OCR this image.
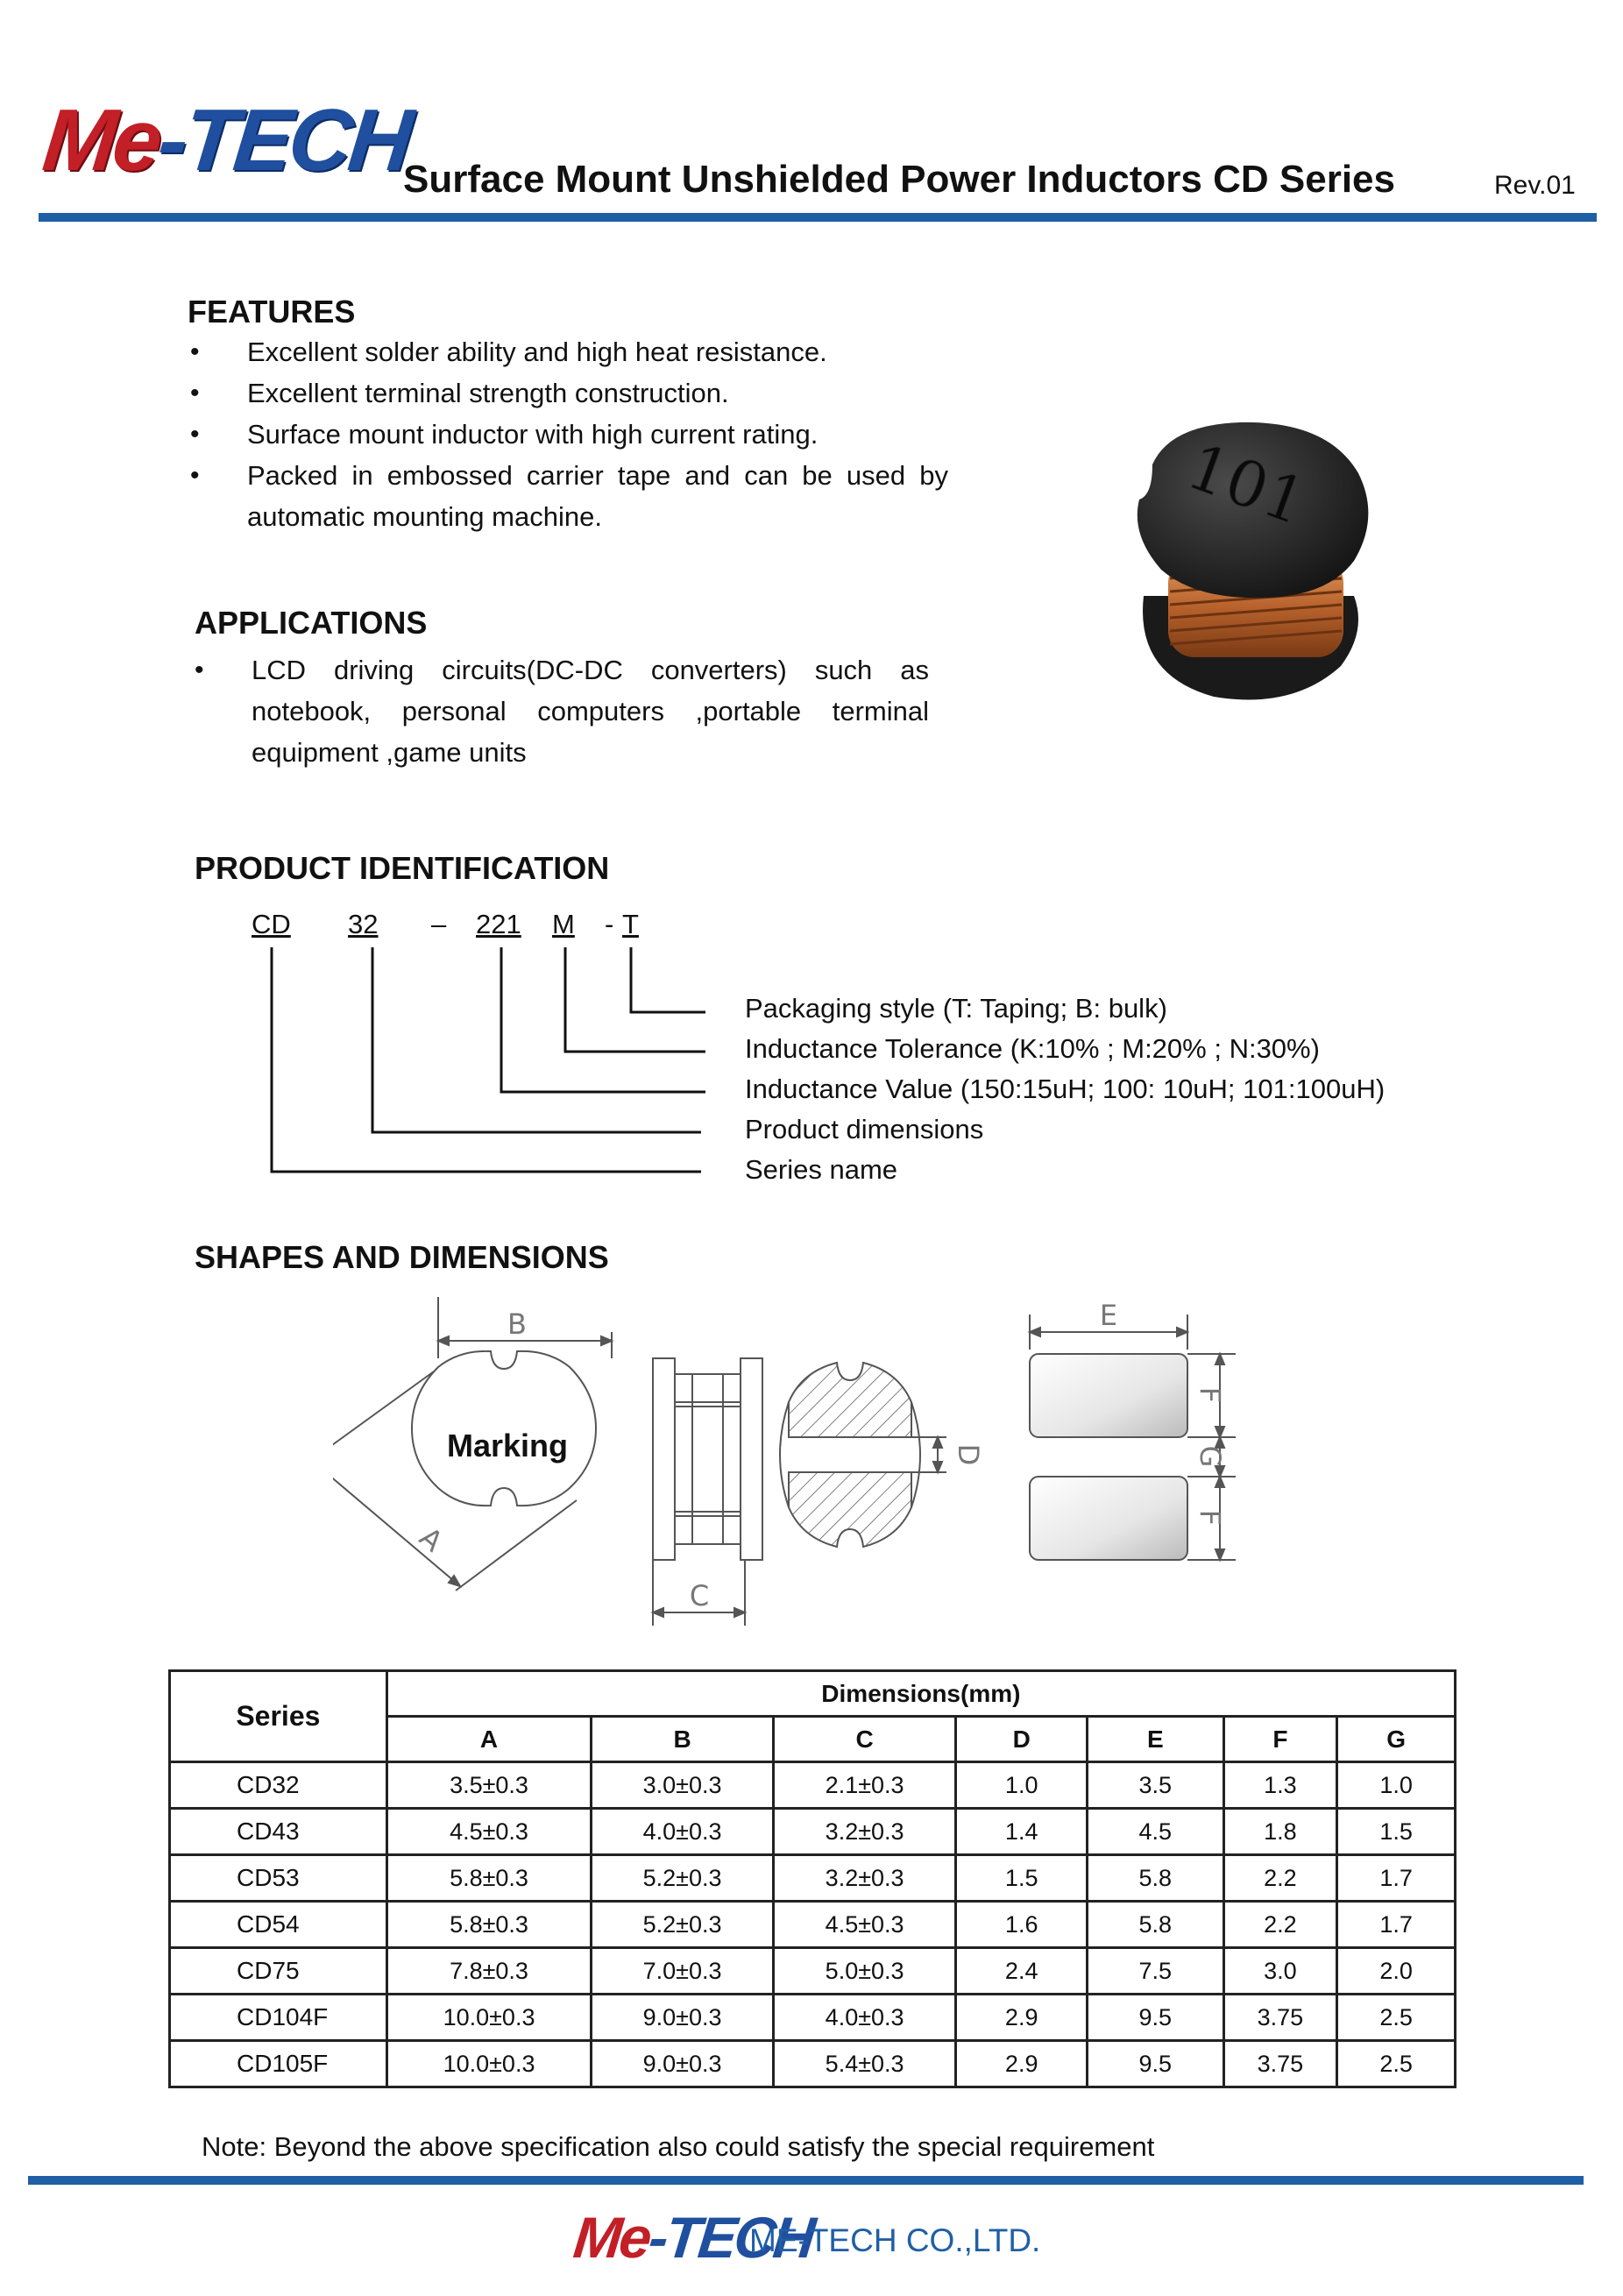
Me-TECH
Surface Mount Unshielded Power Inductors CD Series	Rev.01
FEATURES
• Excellent solder ability and high heat resistance.
• Excellent terminal strength construction.
• Surface mount inductor with high current rating.
• Packed in embossed carrier tape and can be used by automatic mounting machine.	101
APPLICATIONS
• LCD driving circuits(DC-DC converters) such as notebook, personal computers ,portable terminal equipment ,game units
PRODUCT IDENTIFICATION
CD 32 – 221 M - T
Packaging style (T: Taping; B: bulk)
Inductance Tolerance (K:10% ; M:20% ; N:30%)
Inductance Value (150:15uH; 100: 10uH; 101:100uH)
Product dimensions
Series name
SHAPES AND DIMENSIONS
Marking
B
A
C
D
E
F
G
F
Series	Dimensions(mm)						
	A	B	C	D	E	F	G
CD32	3.5±0.3	3.0±0.3	2.1±0.3	1.0	3.5	1.3	1.0
CD43	4.5±0.3	4.0±0.3	3.2±0.3	1.4	4.5	1.8	1.5
CD53	5.8±0.3	5.2±0.3	3.2±0.3	1.5	5.8	2.2	1.7
CD54	5.8±0.3	5.2±0.3	4.5±0.3	1.6	5.8	2.2	1.7
CD75	7.8±0.3	7.0±0.3	5.0±0.3	2.4	7.5	3.0	2.0
CD104F	10.0±0.3	9.0±0.3	4.0±0.3	2.9	9.5	3.75	2.5
CD105F	10.0±0.3	9.0±0.3	5.4±0.3	2.9	9.5	3.75	2.5
Note: Beyond the above specification also could satisfy the special requirement
Me-TECH
ME-TECH CO.,LTD.
